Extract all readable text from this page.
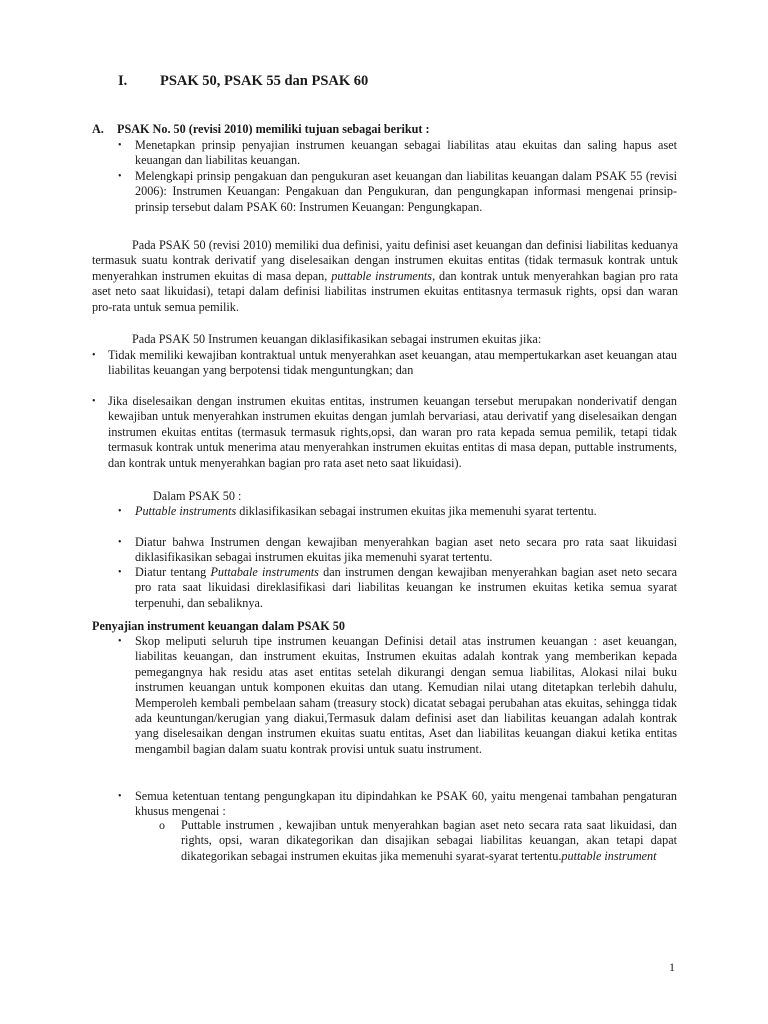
I. PSAK 50, PSAK 55 dan PSAK 60
A. PSAK No. 50 (revisi 2010) memiliki tujuan sebagai berikut :
• Menetapkan prinsip penyajian instrumen keuangan sebagai liabilitas atau ekuitas dan saling hapus aset keuangan dan liabilitas keuangan.
• Melengkapi prinsip pengakuan dan pengukuran aset keuangan dan liabilitas keuangan dalam PSAK 55 (revisi 2006): Instrumen Keuangan: Pengakuan dan Pengukuran, dan pengungkapan informasi mengenai prinsip-prinsip tersebut dalam PSAK 60: Instrumen Keuangan: Pengungkapan.
Pada PSAK 50 (revisi 2010) memiliki dua definisi, yaitu definisi aset keuangan dan definisi liabilitas keduanya termasuk suatu kontrak derivatif yang diselesaikan dengan instrumen ekuitas entitas (tidak termasuk kontrak untuk menyerahkan instrumen ekuitas di masa depan, puttable instruments, dan kontrak untuk menyerahkan bagian pro rata aset neto saat likuidasi), tetapi dalam definisi liabilitas instrumen ekuitas entitasnya termasuk rights, opsi dan waran pro-rata untuk semua pemilik.
Pada PSAK 50 Instrumen keuangan diklasifikasikan sebagai instrumen ekuitas jika:
• Tidak memiliki kewajiban kontraktual untuk menyerahkan aset keuangan, atau mempertukarkan aset keuangan atau liabilitas keuangan yang berpotensi tidak menguntungkan; dan
• Jika diselesaikan dengan instrumen ekuitas entitas, instrumen keuangan tersebut merupakan nonderivatif dengan kewajiban untuk menyerahkan instrumen ekuitas dengan jumlah bervariasi, atau derivatif yang diselesaikan dengan instrumen ekuitas entitas (termasuk termasuk rights,opsi, dan waran pro rata kepada semua pemilik, tetapi tidak termasuk kontrak untuk menerima atau menyerahkan instrumen ekuitas entitas di masa depan, puttable instruments, dan kontrak untuk menyerahkan bagian pro rata aset neto saat likuidasi).
Dalam PSAK 50 :
• Puttable instruments diklasifikasikan sebagai instrumen ekuitas jika memenuhi syarat tertentu.
• Diatur bahwa Instrumen dengan kewajiban menyerahkan bagian aset neto secara pro rata saat likuidasi diklasifikasikan sebagai instrumen ekuitas jika memenuhi syarat tertentu.
• Diatur tentang Puttabale instruments dan instrumen dengan kewajiban menyerahkan bagian aset neto secara pro rata saat likuidasi direklasifikasi dari liabilitas keuangan ke instrumen ekuitas ketika semua syarat terpenuhi, dan sebaliknya.
Penyajian instrument keuangan dalam PSAK 50
• Skop meliputi seluruh tipe instrumen keuangan Definisi detail atas instrumen keuangan : aset keuangan, liabilitas keuangan, dan instrument ekuitas, Instrumen ekuitas adalah kontrak yang memberikan kepada pemegangnya hak residu atas aset entitas setelah dikurangi dengan semua liabilitas, Alokasi nilai buku instrumen keuangan untuk komponen ekuitas dan utang. Kemudian nilai utang ditetapkan terlebih dahulu, Memperoleh kembali pembelaan saham (treasury stock) dicatat sebagai perubahan atas ekuitas, sehingga tidak ada keuntungan/kerugian yang diakui,Termasuk dalam definisi aset dan liabilitas keuangan adalah kontrak yang diselesaikan dengan instrumen ekuitas suatu entitas, Aset dan liabilitas keuangan diakui ketika entitas mengambil bagian dalam suatu kontrak provisi untuk suatu instrument.
• Semua ketentuan tentang pengungkapan itu dipindahkan ke PSAK 60, yaitu mengenai tambahan pengaturan khusus mengenai :
o Puttable instrumen , kewajiban untuk menyerahkan bagian aset neto secara rata saat likuidasi, dan rights, opsi, waran dikategorikan dan disajikan sebagai liabilitas keuangan, akan tetapi dapat dikategorikan sebagai instrumen ekuitas jika memenuhi syarat-syarat tertentu.puttable instrument
1
